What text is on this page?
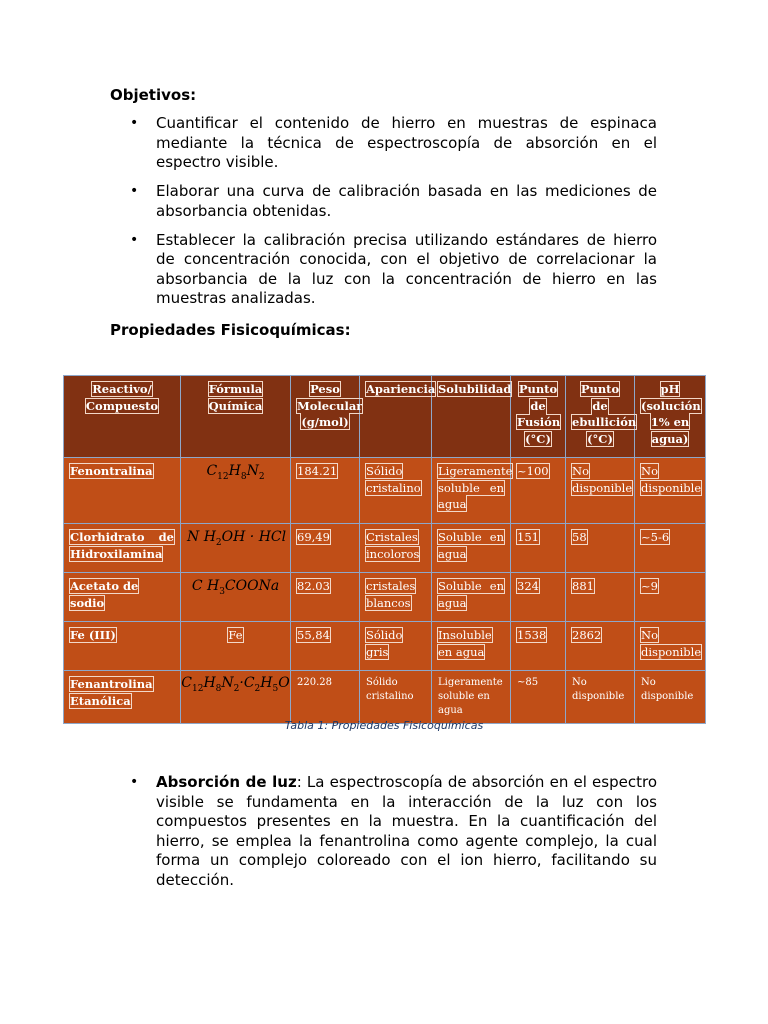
Objetivos:
• Cuantificar el contenido de hierro en muestras de espinaca mediante la técnica de espectroscopía de absorción en el espectro visible.
• Elaborar una curva de calibración basada en las mediciones de absorbancia obtenidas.
• Establecer la calibración precisa utilizando estándares de hierro de concentración conocida, con el objetivo de correlacionar la absorbancia de la luz con la concentración de hierro en las muestras analizadas.
Propiedades Fisicoquímicas:
Reactivo/ Compuesto	Fórmula Química	Peso Molecular (g/mol)	Apariencia	Solubilidad	Punto de Fusión (°C)	Punto de ebullición (°C)	pH (solución 1% en agua)
Fenontralina	$C_{12}H_8N_2$	184.21	Sólido cristalino	Ligeramente soluble en agua	~100	No disponible	No disponible
Clorhidrato de Hidroxilamina	N $H_2OH$ · HCl	69,49	Cristales incoloros	Soluble en agua	151	58	~5-6
Acetato de sodio	C $H_3COONa$	82.03	cristales blancos	Soluble en agua	324	881	~9
Fe (III)	Fe	55,84	Sólido gris	Insoluble en agua	1538	2862	No disponible
Fenantrolina Etanólica	$C_{12}H_8N_2\cdot C_2H_5O$	220.28	Sólido cristalino	Ligeramente soluble en agua	~85	No disponible	No disponible
Tabla 1: Propiedades Fisicoquímicas
• Absorción de luz: La espectroscopía de absorción en el espectro visible se fundamenta en la interacción de la luz con los compuestos presentes en la muestra. En la cuantificación del hierro, se emplea la fenantrolina como agente complejo, la cual forma un complejo coloreado con el ion hierro, facilitando su detección.
